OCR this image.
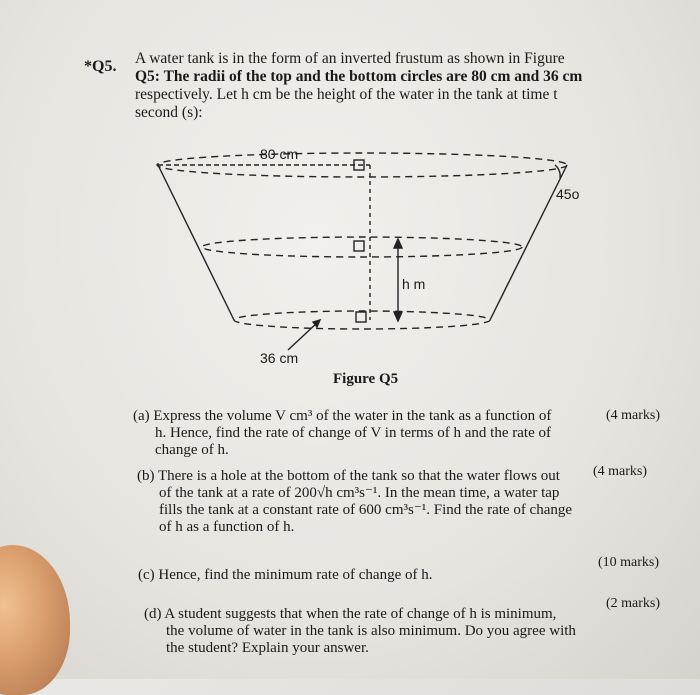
*Q5. A water tank is in the form of an inverted frustum as shown in Figure
Q5: The radii of the top and the bottom circles are 80 cm and 36 cm
respectively. Let h cm be the height of the water in the tank at time t
second (s):
80 cm
45o
h m
36 cm
Figure Q5
(a) Express the volume V cm³ of the water in the tank as a function of
h. Hence, find the rate of change of V in terms of h and the rate of
change of h.
(4 marks)
(b) There is a hole at the bottom of the tank so that the water flows out
of the tank at a rate of 200√h cm³s⁻¹. In the mean time, a water tap
fills the tank at a constant rate of 600 cm³s⁻¹. Find the rate of change
of h as a function of h.
(4 marks)
(c) Hence, find the minimum rate of change of h.
(10 marks)
(d) A student suggests that when the rate of change of h is minimum,
the volume of water in the tank is also minimum. Do you agree with
the student? Explain your answer.
(2 marks)
